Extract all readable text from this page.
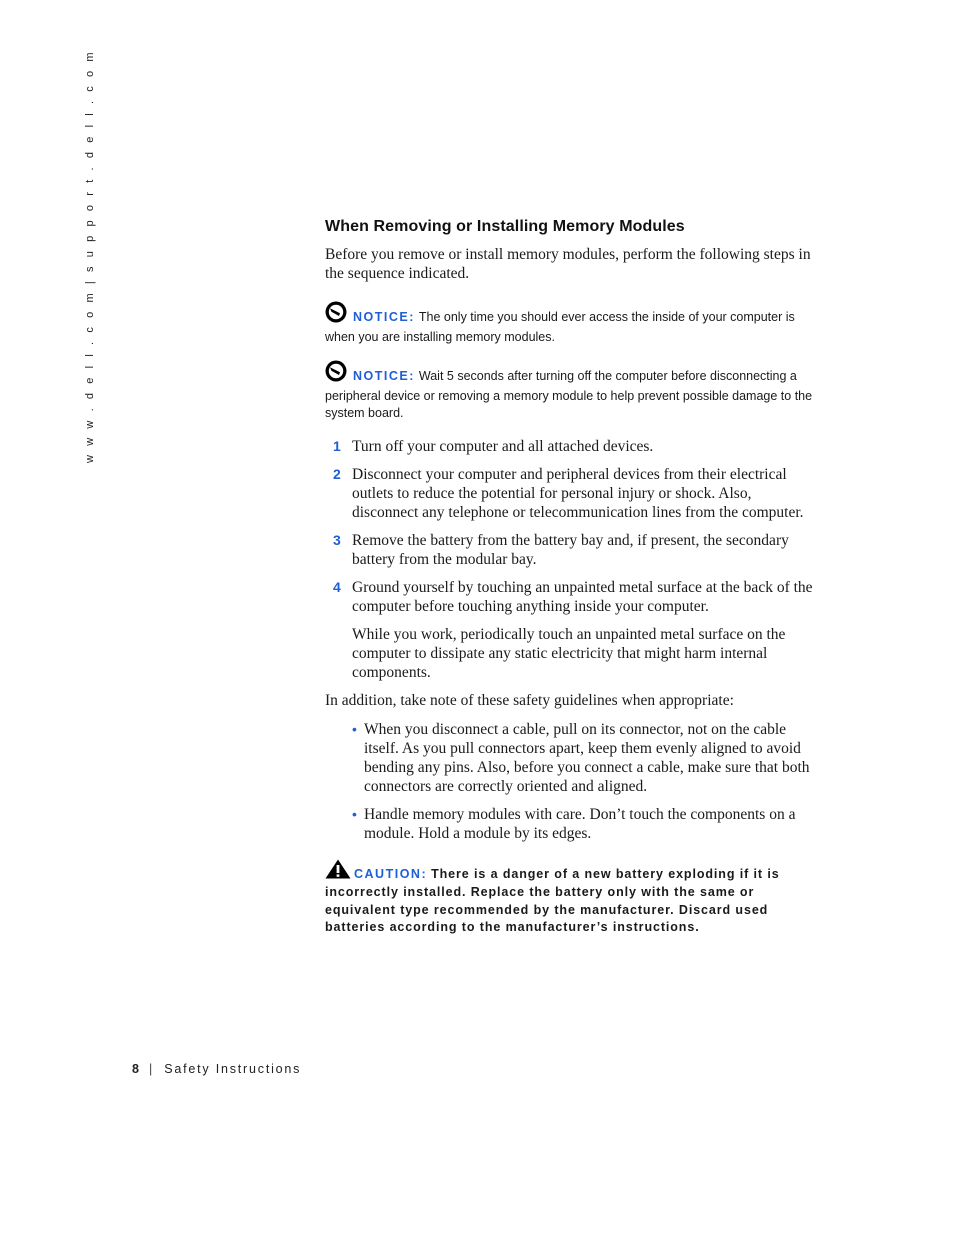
w w w . d e l l . c o m | s u p p o r t . d e l l . c o m	When Removing or Installing Memory Modules

Before you remove or install memory modules, perform the following steps in the sequence indicated.

NOTICE: The only time you should ever access the inside of your computer is when you are installing memory modules.

NOTICE: Wait 5 seconds after turning off the computer before disconnecting a peripheral device or removing a memory module to help prevent possible damage to the system board.

1 Turn off your computer and all attached devices.
2 Disconnect your computer and peripheral devices from their electrical outlets to reduce the potential for personal injury or shock. Also, disconnect any telephone or telecommunication lines from the computer.
3 Remove the battery from the battery bay and, if present, the secondary battery from the modular bay.
4 Ground yourself by touching an unpainted metal surface at the back of the computer before touching anything inside your computer.
While you work, periodically touch an unpainted metal surface on the computer to dissipate any static electricity that might harm internal components.

In addition, take note of these safety guidelines when appropriate:

• When you disconnect a cable, pull on its connector, not on the cable itself. As you pull connectors apart, keep them evenly aligned to avoid bending any pins. Also, before you connect a cable, make sure that both connectors are correctly oriented and aligned.
• Handle memory modules with care. Don’t touch the components on a module. Hold a module by its edges.

CAUTION: There is a danger of a new battery exploding if it is incorrectly installed. Replace the battery only with the same or equivalent type recommended by the manufacturer. Discard used batteries according to the manufacturer’s instructions.

8 | Safety Instructions
